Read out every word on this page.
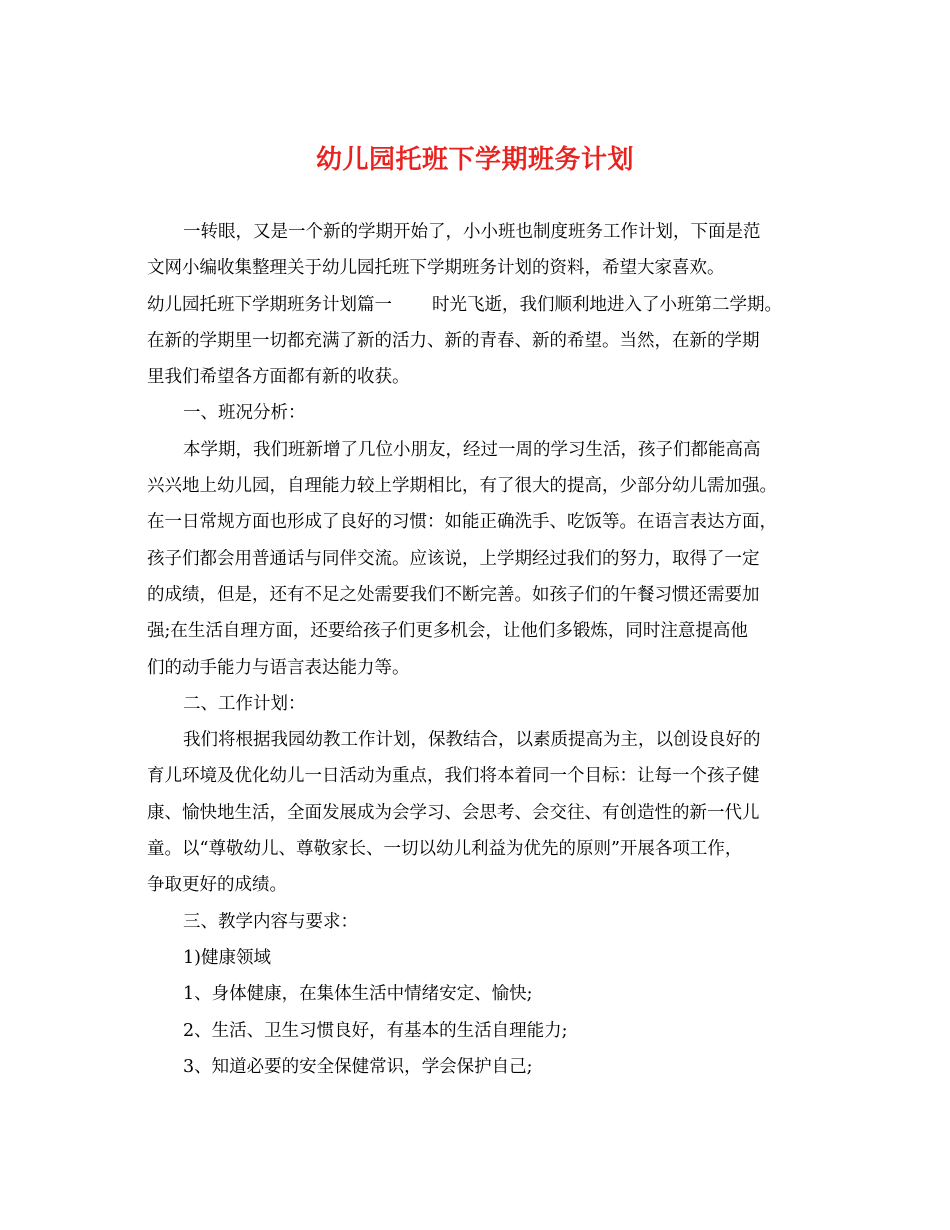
幼儿园托班下学期班务计划
一转眼，又是一个新的学期开始了，小小班也制度班务工作计划，下面是范
文网小编收集整理关于幼儿园托班下学期班务计划的资料，希望大家喜欢。
幼儿园托班下学期班务计划篇一 时光飞逝，我们顺利地进入了小班第二学期。
在新的学期里一切都充满了新的活力、新的青春、新的希望。当然，在新的学期
里我们希望各方面都有新的收获。
一、班况分析：
本学期，我们班新增了几位小朋友，经过一周的学习生活，孩子们都能高高
兴兴地上幼儿园，自理能力较上学期相比，有了很大的提高，少部分幼儿需加强。
在一日常规方面也形成了良好的习惯：如能正确洗手、吃饭等。在语言表达方面，
孩子们都会用普通话与同伴交流。应该说，上学期经过我们的努力，取得了一定
的成绩，但是，还有不足之处需要我们不断完善。如孩子们的午餐习惯还需要加
强;在生活自理方面，还要给孩子们更多机会，让他们多锻炼，同时注意提高他
们的动手能力与语言表达能力等。
二、工作计划：
我们将根据我园幼教工作计划，保教结合，以素质提高为主，以创设良好的
育儿环境及优化幼儿一日活动为重点，我们将本着同一个目标：让每一个孩子健
康、愉快地生活，全面发展成为会学习、会思考、会交往、有创造性的新一代儿
童。以“尊敬幼儿、尊敬家长、一切以幼儿利益为优先的原则”开展各项工作，
争取更好的成绩。
三、教学内容与要求：
1)健康领域
1、身体健康，在集体生活中情绪安定、愉快;
2、生活、卫生习惯良好，有基本的生活自理能力;
3、知道必要的安全保健常识，学会保护自己;
